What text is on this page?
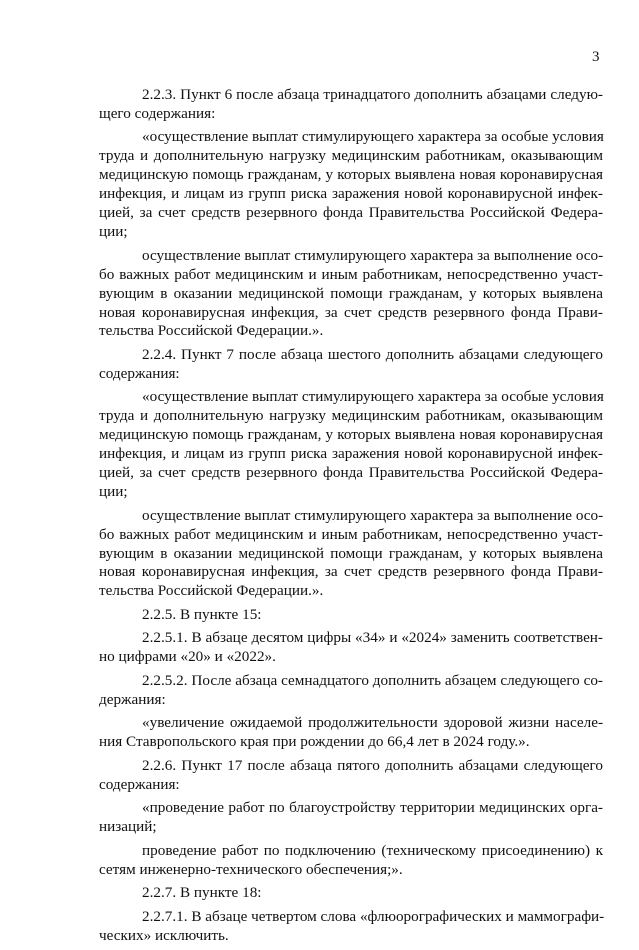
3
2.2.3. Пункт 6 после абзаца тринадцатого дополнить абзацами следую-
щего содержания:
«осуществление выплат стимулирующего характера за особые условия
труда и дополнительную нагрузку медицинским работникам, оказывающим
медицинскую помощь гражданам, у которых выявлена новая коронавирусная
инфекция, и лицам из групп риска заражения новой коронавирусной инфек-
цией, за счет средств резервного фонда Правительства Российской Федера-
ции;
осуществление выплат стимулирующего характера за выполнение осо-
бо важных работ медицинским и иным работникам, непосредственно участ-
вующим в оказании медицинской помощи гражданам, у которых выявлена
новая коронавирусная инфекция, за счет средств резервного фонда Прави-
тельства Российской Федерации.».
2.2.4. Пункт 7 после абзаца шестого дополнить абзацами следующего
содержания:
«осуществление выплат стимулирующего характера за особые условия
труда и дополнительную нагрузку медицинским работникам, оказывающим
медицинскую помощь гражданам, у которых выявлена новая коронавирусная
инфекция, и лицам из групп риска заражения новой коронавирусной инфек-
цией, за счет средств резервного фонда Правительства Российской Федера-
ции;
осуществление выплат стимулирующего характера за выполнение осо-
бо важных работ медицинским и иным работникам, непосредственно участ-
вующим в оказании медицинской помощи гражданам, у которых выявлена
новая коронавирусная инфекция, за счет средств резервного фонда Прави-
тельства Российской Федерации.».
2.2.5. В пункте 15:
2.2.5.1. В абзаце десятом цифры «34» и «2024» заменить соответствен-
но цифрами «20» и «2022».
2.2.5.2. После абзаца семнадцатого дополнить абзацем следующего со-
держания:
«увеличение ожидаемой продолжительности здоровой жизни населе-
ния Ставропольского края при рождении до 66,4 лет в 2024 году.».
2.2.6. Пункт 17 после абзаца пятого дополнить абзацами следующего
содержания:
«проведение работ по благоустройству территории медицинских орга-
низаций;
проведение работ по подключению (техническому присоединению) к
сетям инженерно-технического обеспечения;».
2.2.7. В пункте 18:
2.2.7.1. В абзаце четвертом слова «флюорографических и маммографи-
ческих» исключить.
